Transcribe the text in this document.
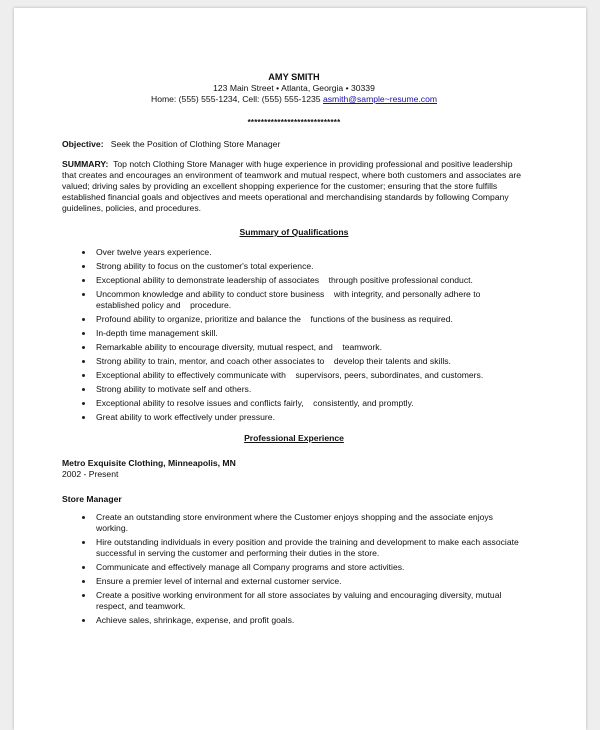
AMY SMITH
123 Main Street • Atlanta, Georgia • 30339
Home: (555) 555-1234, Cell: (555) 555-1235 asmith@sample~resume.com
****************************
Objective: Seek the Position of Clothing Store Manager
SUMMARY: Top notch Clothing Store Manager with huge experience in providing professional and positive leadership that creates and encourages an environment of teamwork and mutual respect, where both customers and associates are valued; driving sales by providing an excellent shopping experience for the customer; ensuring that the store fulfills established financial goals and objectives and meets operational and merchandising standards by following Company guidelines, policies, and procedures.
Summary of Qualifications
Over twelve years experience.
Strong ability to focus on the customer's total experience.
Exceptional ability to demonstrate leadership of associates    through positive professional conduct.
Uncommon knowledge and ability to conduct store business    with integrity, and personally adhere to established policy and    procedure.
Profound ability to organize, prioritize and balance the    functions of the business as required.
In-depth time management skill.
Remarkable ability to encourage diversity, mutual respect, and    teamwork.
Strong ability to train, mentor, and coach other associates to    develop their talents and skills.
Exceptional ability to effectively communicate with    supervisors, peers, subordinates, and customers.
Strong ability to motivate self and others.
Exceptional ability to resolve issues and conflicts fairly,    consistently, and promptly.
Great ability to work effectively under pressure.
Professional Experience
Metro Exquisite Clothing, Minneapolis, MN
2002 - Present
Store Manager
Create an outstanding store environment where the Customer enjoys shopping and the associate enjoys working.
Hire outstanding individuals in every position and provide the training and development to make each associate successful in serving the customer and performing their duties in the store.
Communicate and effectively manage all Company programs and store activities.
Ensure a premier level of internal and external customer service.
Create a positive working environment for all store associates by valuing and encouraging diversity, mutual respect, and teamwork.
Achieve sales, shrinkage, expense, and profit goals.
